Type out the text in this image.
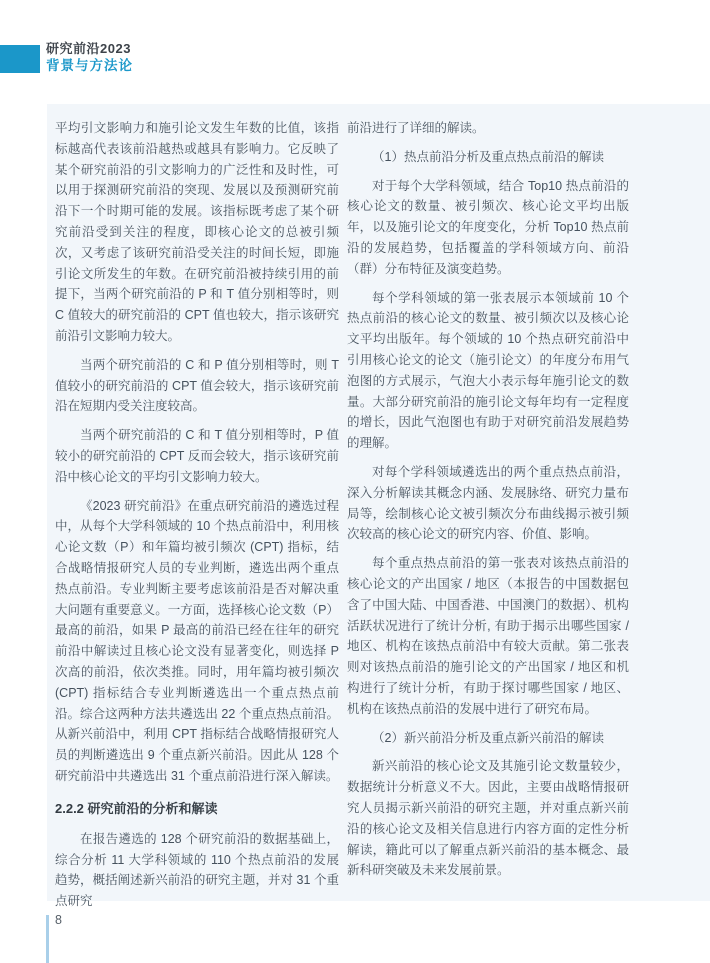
研究前沿2023
背景与方法论

平均引文影响力和施引论文发生年数的比值，该指标越高代表该前沿越热或越具有影响力。它反映了某个研究前沿的引文影响力的广泛性和及时性，可以用于探测研究前沿的突现、发展以及预测研究前沿下一个时期可能的发展。该指标既考虑了某个研究前沿受到关注的程度，即核心论文的总被引频次，又考虑了该研究前沿受关注的时间长短，即施引论文所发生的年数。在研究前沿被持续引用的前提下，当两个研究前沿的 P 和 T 值分别相等时，则 C 值较大的研究前沿的 CPT 值也较大，指示该研究前沿引文影响力较大。

当两个研究前沿的 C 和 P 值分别相等时，则 T 值较小的研究前沿的 CPT 值会较大，指示该研究前沿在短期内受关注度较高。

当两个研究前沿的 C 和 T 值分别相等时，P 值较小的研究前沿的 CPT 反而会较大，指示该研究前沿中核心论文的平均引文影响力较大。

《2023 研究前沿》在重点研究前沿的遴选过程中，从每个大学科领域的 10 个热点前沿中，利用核心论文数（P）和年篇均被引频次 (CPT) 指标，结合战略情报研究人员的专业判断，遴选出两个重点热点前沿。专业判断主要考虑该前沿是否对解决重大问题有重要意义。一方面，选择核心论文数（P）最高的前沿，如果 P 最高的前沿已经在往年的研究前沿中解读过且核心论文没有显著变化，则选择 P 次高的前沿，依次类推。同时，用年篇均被引频次 (CPT) 指标结合专业判断遴选出一个重点热点前沿。综合这两种方法共遴选出 22 个重点热点前沿。从新兴前沿中，利用 CPT 指标结合战略情报研究人员的判断遴选出 9 个重点新兴前沿。因此从 128 个研究前沿中共遴选出 31 个重点前沿进行深入解读。

2.2.2 研究前沿的分析和解读

在报告遴选的 128 个研究前沿的数据基础上，综合分析 11 大学科领域的 110 个热点前沿的发展趋势，概括阐述新兴前沿的研究主题，并对 31 个重点研究

前沿进行了详细的解读。

（1）热点前沿分析及重点热点前沿的解读

对于每个大学科领域，结合 Top10 热点前沿的核心论文的数量、被引频次、核心论文平均出版年，以及施引论文的年度变化，分析 Top10 热点前沿的发展趋势，包括覆盖的学科领域方向、前沿（群）分布特征及演变趋势。

每个学科领域的第一张表展示本领域前 10 个热点前沿的核心论文的数量、被引频次以及核心论文平均出版年。每个领域的 10 个热点研究前沿中引用核心论文的论文（施引论文）的年度分布用气泡图的方式展示，气泡大小表示每年施引论文的数量。大部分研究前沿的施引论文每年均有一定程度的增长，因此气泡图也有助于对研究前沿发展趋势的理解。

对每个学科领域遴选出的两个重点热点前沿，深入分析解读其概念内涵、发展脉络、研究力量布局等，绘制核心论文被引频次分布曲线揭示被引频次较高的核心论文的研究内容、价值、影响。

每个重点热点前沿的第一张表对该热点前沿的核心论文的产出国家 / 地区（本报告的中国数据包含了中国大陆、中国香港、中国澳门的数据）、机构活跃状况进行了统计分析, 有助于揭示出哪些国家 / 地区、机构在该热点前沿中有较大贡献。第二张表则对该热点前沿的施引论文的产出国家 / 地区和机构进行了统计分析，有助于探讨哪些国家 / 地区、机构在该热点前沿的发展中进行了研究布局。

（2）新兴前沿分析及重点新兴前沿的解读

新兴前沿的核心论文及其施引论文数量较少，数据统计分析意义不大。因此，主要由战略情报研究人员揭示新兴前沿的研究主题，并对重点新兴前沿的核心论文及相关信息进行内容方面的定性分析解读，籍此可以了解重点新兴前沿的基本概念、最新科研突破及未来发展前景。

8
